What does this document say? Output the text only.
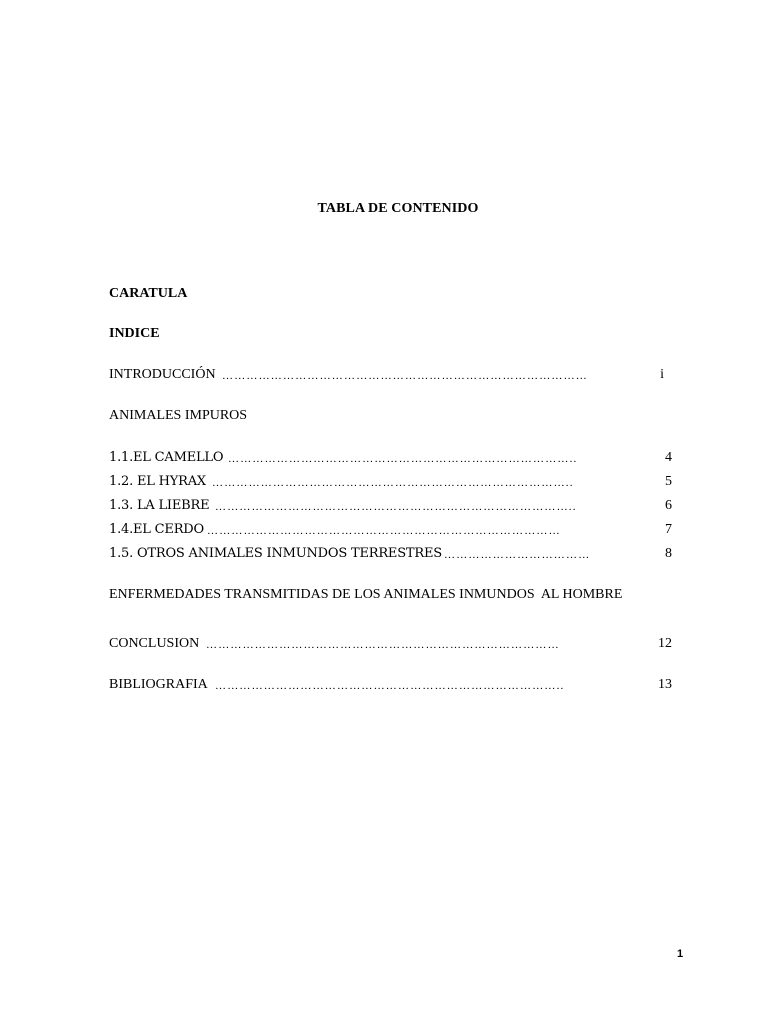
TABLA DE CONTENIDO
CARATULA
INDICE
INTRODUCCIÓN ………………………………………………………………………………	i
ANIMALES IMPUROS
1.1.EL CAMELLO …………………………………………………………………………..	4
1.2. EL HYRAX ……………………………………………………………………………..	5
1.3. LA LIEBRE ……………………………………………………………………………..	6
1.4.EL CERDO ……………………………………………………………………………	7
1.5. OTROS ANIMALES INMUNDOS TERRESTRES ………………………………	8
ENFERMEDADES TRANSMITIDAS DE LOS ANIMALES INMUNDOS  AL HOMBRE
CONCLUSION ……………………………………………………………………………	12
BIBLIOGRAFIA …………………………………………………………………………..	13
1
